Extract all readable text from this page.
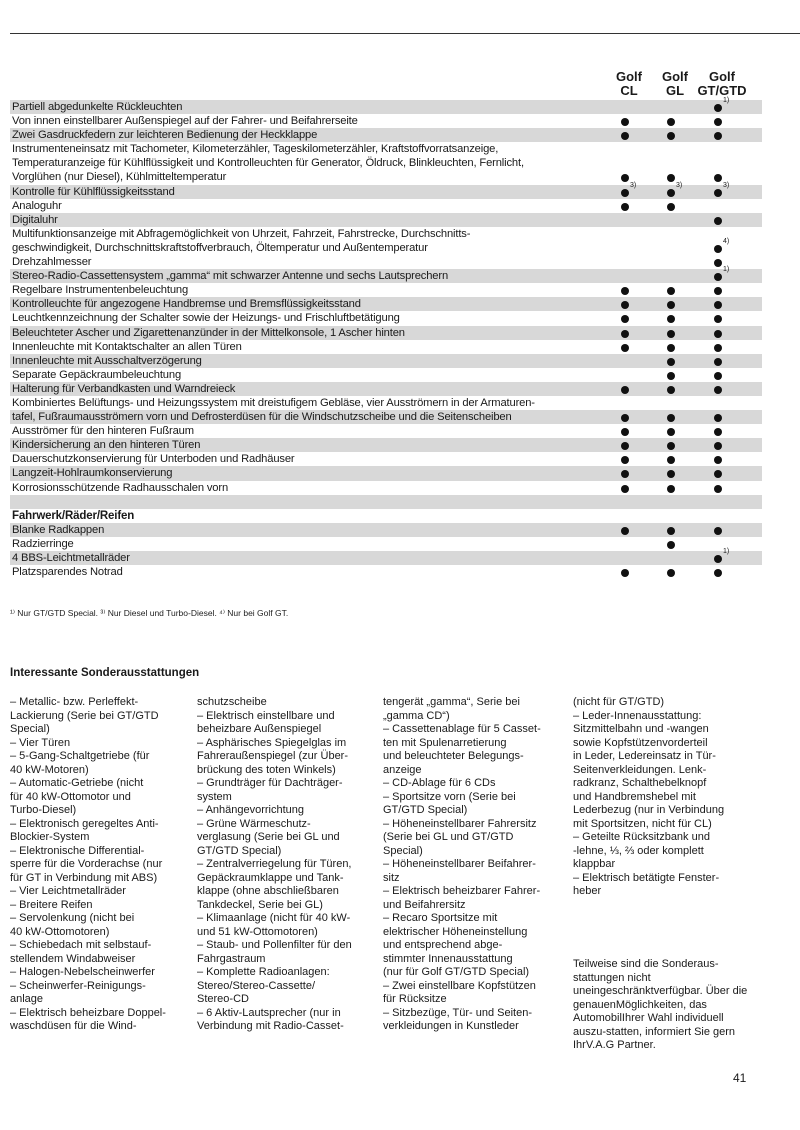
Golf
CL
Golf
GL
Golf
GT/GTD
Partiell abgedunkelte Rückleuchten
1)
Von innen einstellbarer Außenspiegel auf der Fahrer- und Beifahrerseite
Zwei Gasdruckfedern zur leichteren Bedienung der Heckklappe
Instrumenteneinsatz mit Tachometer, Kilometerzähler, Tageskilometerzähler, Kraftstoffvorratsanzeige,
Temperaturanzeige für Kühlflüssigkeit und Kontrolleuchten für Generator, Öldruck, Blinkleuchten, Fernlicht,
Vorglühen (nur Diesel), Kühlmitteltemperatur
Kontrolle für Kühlflüssigkeitsstand
3)	3)	3)
Analoguhr
Digitaluhr
Multifunktionsanzeige mit Abfragemöglichkeit von Uhrzeit, Fahrzeit, Fahrstrecke, Durchschnitts-
geschwindigkeit, Durchschnittskraftstoffverbrauch, Öltemperatur und Außentemperatur
4)
Drehzahlmesser
Stereo-Radio-Cassettensystem „gamma“ mit schwarzer Antenne und sechs Lautsprechern
1)
Regelbare Instrumentenbeleuchtung
Kontrolleuchte für angezogene Handbremse und Bremsflüssigkeitsstand
Leuchtkennzeichnung der Schalter sowie der Heizungs- und Frischluftbetätigung
Beleuchteter Ascher und Zigarettenanzünder in der Mittelkonsole, 1 Ascher hinten
Innenleuchte mit Kontaktschalter an allen Türen
Innenleuchte mit Ausschaltverzögerung
Separate Gepäckraumbeleuchtung
Halterung für Verbandkasten und Warndreieck
Kombiniertes Belüftungs- und Heizungssystem mit dreistufigem Gebläse, vier Ausströmern in der Armaturen-
tafel, Fußraumausströmern vorn und Defrosterdüsen für die Windschutzscheibe und die Seitenscheiben
Ausströmer für den hinteren Fußraum
Kindersicherung an den hinteren Türen
Dauerschutzkonservierung für Unterboden und Radhäuser
Langzeit-Hohlraumkonservierung
Korrosionsschützende Radhausschalen vorn
Fahrwerk/Räder/Reifen
Blanke Radkappen
Radzierringe
4 BBS-Leichtmetallräder
1)
Platzsparendes Notrad
¹⁾ Nur GT/GTD Special. ³⁾ Nur Diesel und Turbo-Diesel. ⁴⁾ Nur bei Golf GT.
Interessante Sonderausstattungen
– Metallic- bzw. Perleffekt-
Lackierung (Serie bei GT/GTD
Special)
– Vier Türen
– 5-Gang-Schaltgetriebe (für
40 kW-Motoren)
– Automatic-Getriebe (nicht
für 40 kW-Ottomotor und
Turbo-Diesel)
– Elektronisch geregeltes Anti-
Blockier-System
– Elektronische Differential-
sperre für die Vorderachse (nur
für GT in Verbindung mit ABS)
– Vier Leichtmetallräder
– Breitere Reifen
– Servolenkung (nicht bei
40 kW-Ottomotoren)
– Schiebedach mit selbstauf-
stellendem Windabweiser
– Halogen-Nebelscheinwerfer
– Scheinwerfer-Reinigungs-
anlage
– Elektrisch beheizbare Doppel-
waschdüsen für die Wind-
schutzscheibe
– Elektrisch einstellbare und
beheizbare Außenspiegel
– Asphärisches Spiegelglas im
Fahreraußenspiegel (zur Über-
brückung des toten Winkels)
– Grundträger für Dachträger-
system
– Anhängevorrichtung
– Grüne Wärmeschutz-
verglasung (Serie bei GL und
GT/GTD Special)
– Zentralverriegelung für Türen,
Gepäckraumklappe und Tank-
klappe (ohne abschließbaren
Tankdeckel, Serie bei GL)
– Klimaanlage (nicht für 40 kW-
und 51 kW-Ottomotoren)
– Staub- und Pollenfilter für den
Fahrgastraum
– Komplette Radioanlagen:
Stereo/Stereo-Cassette/
Stereo-CD
– 6 Aktiv-Lautsprecher (nur in
Verbindung mit Radio-Casset-
tengerät „gamma“, Serie bei
„gamma CD“)
– Cassettenablage für 5 Casset-
ten mit Spulenarretierung
und beleuchteter Belegungs-
anzeige
– CD-Ablage für 6 CDs
– Sportsitze vorn (Serie bei
GT/GTD Special)
– Höheneinstellbarer Fahrersitz
(Serie bei GL und GT/GTD
Special)
– Höheneinstellbarer Beifahrer-
sitz
– Elektrisch beheizbarer Fahrer-
und Beifahrersitz
– Recaro Sportsitze mit
elektrischer Höheneinstellung
und entsprechend abge-
stimmter Innenausstattung
(nur für Golf GT/GTD Special)
– Zwei einstellbare Kopfstützen
für Rücksitze
– Sitzbezüge, Tür- und Seiten-
verkleidungen in Kunstleder
(nicht für GT/GTD)
– Leder-Innenausstattung:
Sitzmittelbahn und -wangen
sowie Kopfstützenvorderteil
in Leder, Ledereinsatz in Tür-
Seitenverkleidungen. Lenk-
radkranz, Schalthebelknopf
und Handbremshebel mit
Lederbezug (nur in Verbindung
mit Sportsitzen, nicht für CL)
– Geteilte Rücksitzbank und
-lehne, ⅓, ⅔ oder komplett
klappbar
– Elektrisch betätigte Fenster-
heber
Teilweise sind die Sonderaus-stattungen nicht uneingeschränktverfügbar. Über die genauenMöglichkeiten, das AutomobilIhrer Wahl individuell auszu-statten, informiert Sie gern IhrV.A.G Partner.
41
